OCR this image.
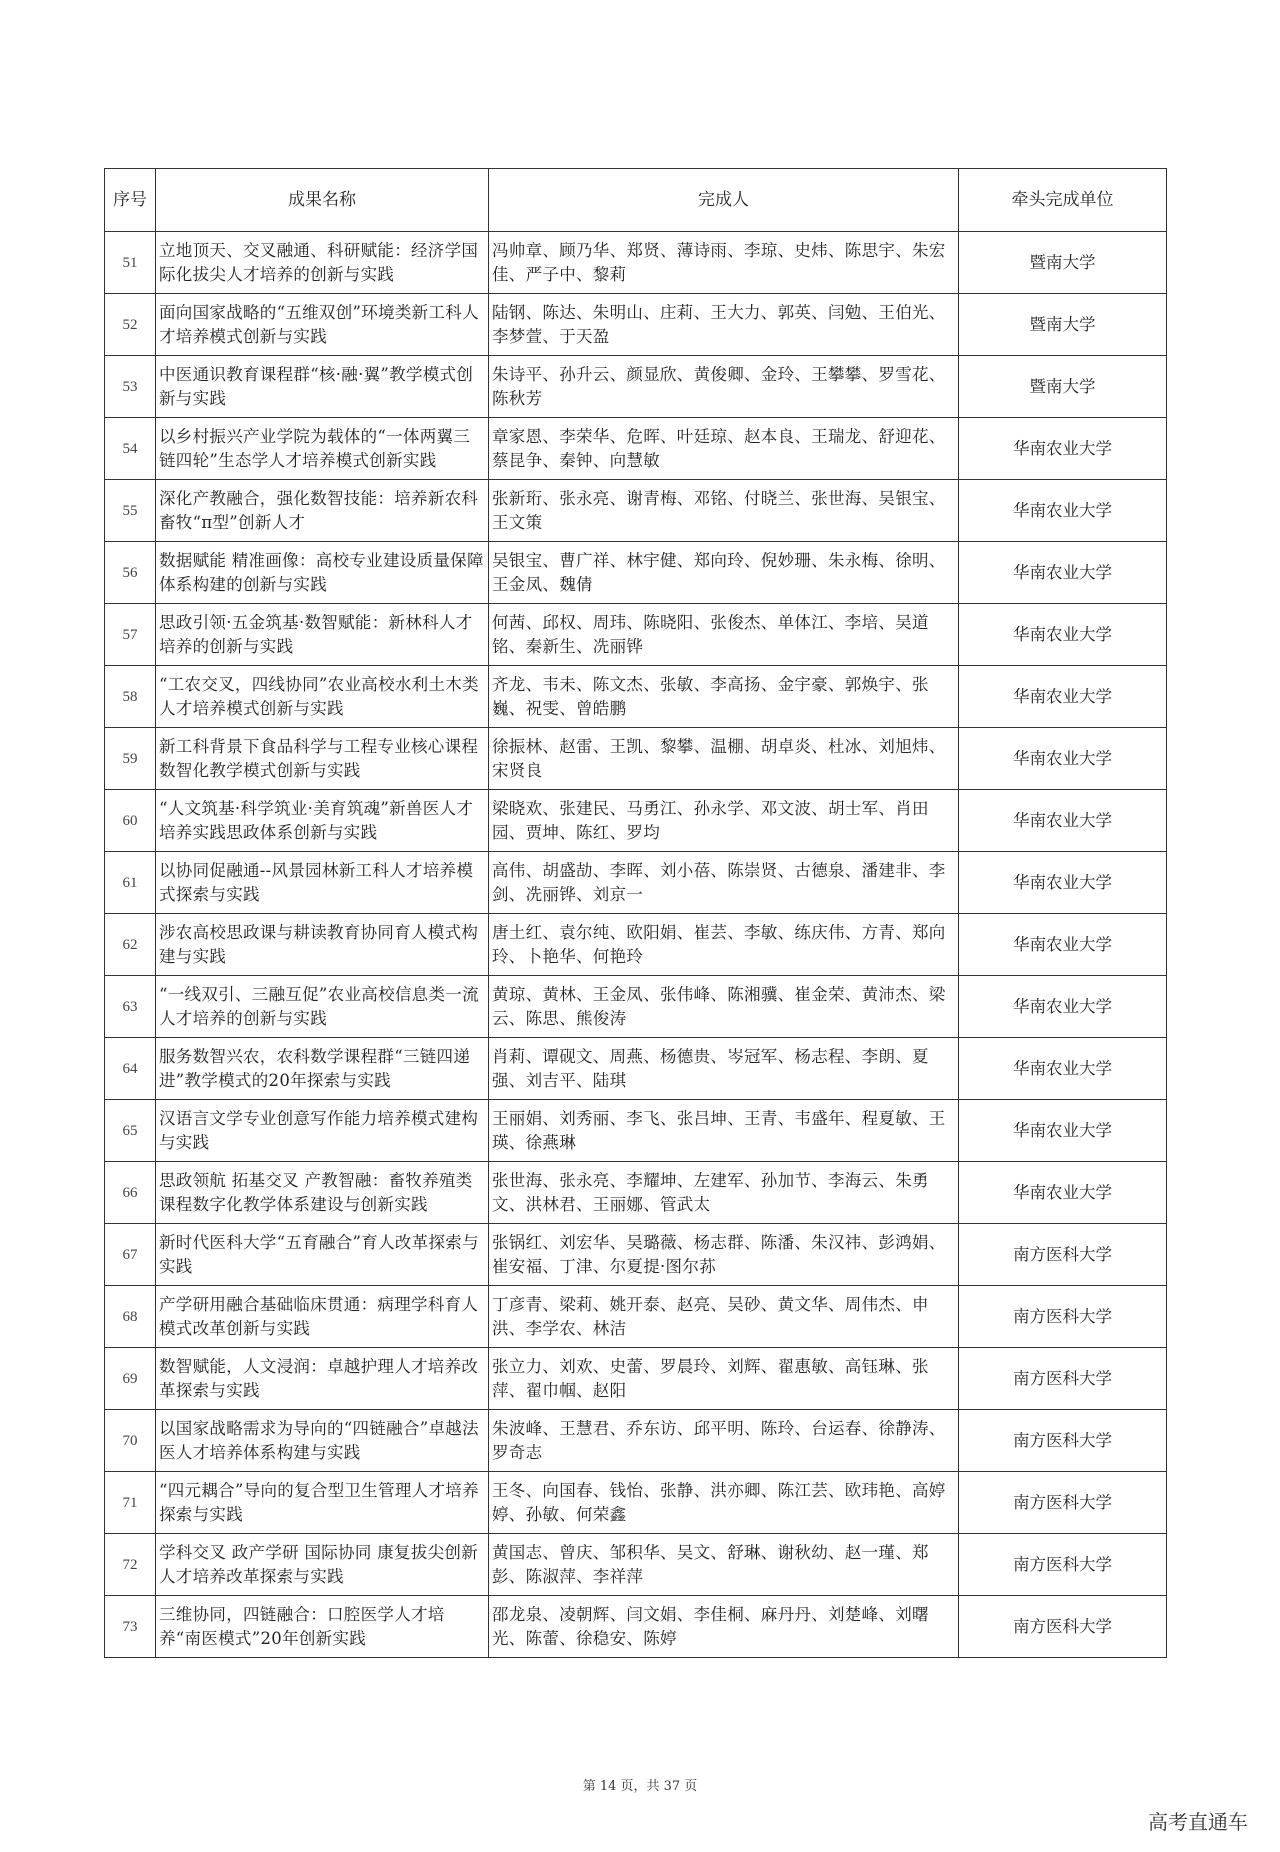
序号	成果名称	完成人	牵头完成单位
51	立地顶天、交叉融通、科研赋能：经济学国际化拔尖人才培养的创新与实践	冯帅章、顾乃华、郑贤、薄诗雨、李琼、史炜、陈思宇、朱宏佳、严子中、黎莉	暨南大学
52	面向国家战略的“五维双创”环境类新工科人才培养模式创新与实践	陆钢、陈达、朱明山、庄莉、王大力、郭英、闫勉、王伯光、李梦萱、于天盈	暨南大学
53	中医通识教育课程群“核·融·翼”教学模式创新与实践	朱诗平、孙升云、颜显欣、黄俊卿、金玲、王攀攀、罗雪花、陈秋芳	暨南大学
54	以乡村振兴产业学院为载体的“一体两翼三链四轮”生态学人才培养模式创新实践	章家恩、李荣华、危晖、叶廷琼、赵本良、王瑞龙、舒迎花、蔡昆争、秦钟、向慧敏	华南农业大学
55	深化产教融合，强化数智技能：培养新农科畜牧“π型”创新人才	张新珩、张永亮、谢青梅、邓铭、付晓兰、张世海、吴银宝、王文策	华南农业大学
56	数据赋能 精准画像：高校专业建设质量保障体系构建的创新与实践	吴银宝、曹广祥、林宇健、郑向玲、倪妙珊、朱永梅、徐明、王金凤、魏倩	华南农业大学
57	思政引领·五金筑基·数智赋能：新林科人才培养的创新与实践	何茜、邱权、周玮、陈晓阳、张俊杰、单体江、李培、吴道铭、秦新生、冼丽铧	华南农业大学
58	“工农交叉，四线协同”农业高校水利土木类人才培养模式创新与实践	齐龙、韦未、陈文杰、张敏、李高扬、金宇豪、郭焕宇、张巍、祝雯、曾皓鹏	华南农业大学
59	新工科背景下食品科学与工程专业核心课程数智化教学模式创新与实践	徐振林、赵雷、王凯、黎攀、温棚、胡卓炎、杜冰、刘旭炜、宋贤良	华南农业大学
60	“人文筑基·科学筑业·美育筑魂”新兽医人才培养实践思政体系创新与实践	梁晓欢、张建民、马勇江、孙永学、邓文波、胡士军、肖田园、贾坤、陈红、罗均	华南农业大学
61	以协同促融通--风景园林新工科人才培养模式探索与实践	高伟、胡盛劼、李晖、刘小蓓、陈崇贤、古德泉、潘建非、李剑、冼丽铧、刘京一	华南农业大学
62	涉农高校思政课与耕读教育协同育人模式构建与实践	唐土红、袁尔纯、欧阳娟、崔芸、李敏、练庆伟、方青、郑向玲、卜艳华、何艳玲	华南农业大学
63	“一线双引、三融互促”农业高校信息类一流人才培养的创新与实践	黄琼、黄林、王金凤、张伟峰、陈湘骥、崔金荣、黄沛杰、梁云、陈思、熊俊涛	华南农业大学
64	服务数智兴农，农科数学课程群“三链四递进”教学模式的20年探索与实践	肖莉、谭砚文、周燕、杨德贵、岑冠军、杨志程、李朗、夏强、刘吉平、陆琪	华南农业大学
65	汉语言文学专业创意写作能力培养模式建构与实践	王丽娟、刘秀丽、李飞、张吕坤、王青、韦盛年、程夏敏、王瑛、徐燕琳	华南农业大学
66	思政领航 拓基交叉 产教智融：畜牧养殖类课程数字化教学体系建设与创新实践	张世海、张永亮、李耀坤、左建军、孙加节、李海云、朱勇文、洪林君、王丽娜、管武太	华南农业大学
67	新时代医科大学“五育融合”育人改革探索与实践	张锅红、刘宏华、吴璐薇、杨志群、陈潘、朱汉祎、彭鸿娟、崔安福、丁津、尔夏提·图尔荪	南方医科大学
68	产学研用融合基础临床贯通：病理学科育人模式改革创新与实践	丁彦青、梁莉、姚开泰、赵亮、吴砂、黄文华、周伟杰、申洪、李学农、林洁	南方医科大学
69	数智赋能，人文浸润：卓越护理人才培养改革探索与实践	张立力、刘欢、史蕾、罗晨玲、刘辉、翟惠敏、高钰琳、张萍、翟巾帼、赵阳	南方医科大学
70	以国家战略需求为导向的“四链融合”卓越法医人才培养体系构建与实践	朱波峰、王慧君、乔东访、邱平明、陈玲、台运春、徐静涛、罗奇志	南方医科大学
71	“四元耦合”导向的复合型卫生管理人才培养探索与实践	王冬、向国春、钱怡、张静、洪亦卿、陈江芸、欧玮艳、高婷婷、孙敏、何荣鑫	南方医科大学
72	学科交叉 政产学研 国际协同 康复拔尖创新人才培养改革探索与实践	黄国志、曾庆、邹积华、吴文、舒琳、谢秋幼、赵一瑾、郑彭、陈淑萍、李祥萍	南方医科大学
73	三维协同，四链融合：口腔医学人才培养“南医模式”20年创新实践	邵龙泉、凌朝辉、闫文娟、李佳桐、麻丹丹、刘楚峰、刘曙光、陈蕾、徐稳安、陈婷	南方医科大学
第 14 页，共 37 页
高考直通车
